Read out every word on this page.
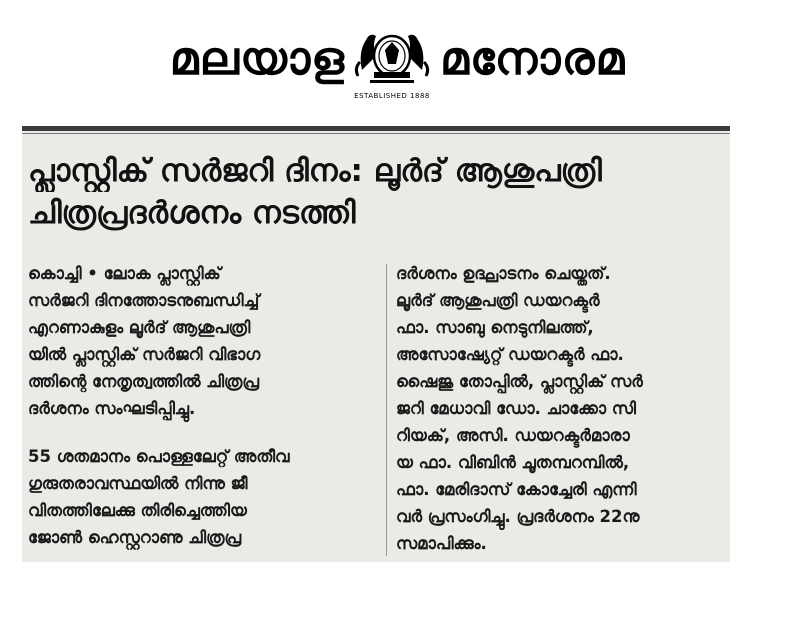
മലയാള
ESTABLISHED 1888
മനോരമ
പ്ലാസ്റ്റിക് സർജറി ദിനം: ലൂർദ് ആശുപത്രി
ചിത്രപ്രദർശനം നടത്തി
കൊച്ചി • ലോക പ്ലാസ്റ്റിക്
സർജറി ദിനത്തോടനുബന്ധിച്ച്
എറണാകുളം ലൂർദ് ആശുപത്രി
യിൽ പ്ലാസ്റ്റിക് സർജറി വിഭാഗ
ത്തിന്റെ നേതൃത്വത്തിൽ ചിത്രപ്ര
ദർശനം സംഘടിപ്പിച്ചു.
55 ശതമാനം പൊള്ളലേറ്റ് അതീവ
ഗുരുതരാവസ്ഥയിൽ നിന്നു ജീ
വിതത്തിലേക്കു തിരിച്ചെത്തിയ
ജോൺ ഹെസ്റ്ററാണു ചിത്രപ്ര
ദർശനം ഉദ്ഘാടനം ചെയ്തത്.
ലൂർദ് ആശുപത്രി ഡയറക്ടർ
ഫാ. സാബു നെടുനിലത്ത്,
അസോഷ്യേറ്റ് ഡയറക്ടർ ഫാ.
ഷൈജു തോപ്പിൽ, പ്ലാസ്റ്റിക് സർ
ജറി മേധാവി ഡോ. ചാക്കോ സി
റിയക്, അസി. ഡയറക്ടർമാരാ
യ ഫാ. വിബിൻ ചൂതമ്പറമ്പിൽ,
ഫാ. മേരിദാസ് കോച്ചേരി എന്നി
വർ പ്രസംഗിച്ചു. പ്രദർശനം 22നു
സമാപിക്കും.
